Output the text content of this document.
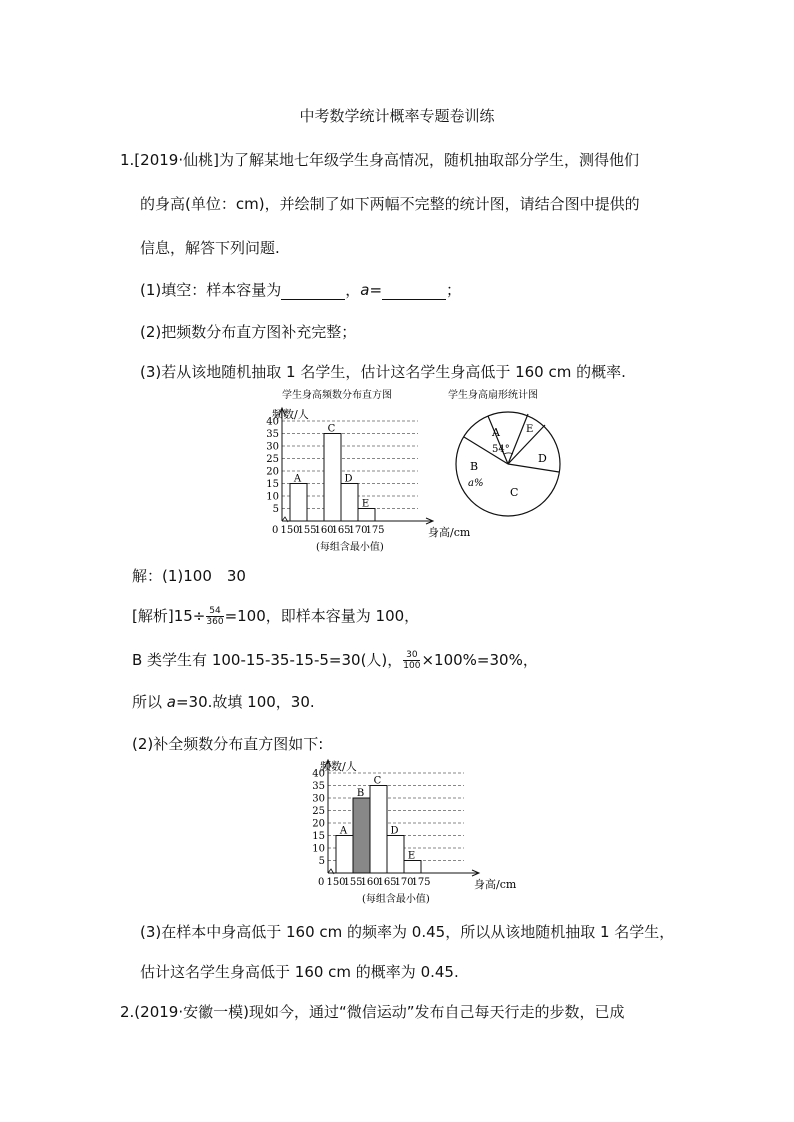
中考数学统计概率专题卷训练
1.[2019·仙桃]为了解某地七年级学生身高情况，随机抽取部分学生，测得他们
的身高(单位：cm)，并绘制了如下两幅不完整的统计图，请结合图中提供的
信息，解答下列问题.
(1)填空：样本容量为	，a=	；
(2)把频数分布直方图补充完整；
(3)若从该地随机抽取 1 名学生，估计这名学生身高低于 160 cm 的概率.
学生身高频数分布直方图
频数/人
5
10
15
20
25
30
35
40
0 150
155
160
165
170
175
A
C
D
E
身高/cm
(每组含最小值)
学生身高扇形统计图
A
54°
E
D
B
a%
C
解：(1)100　30
[解析]$15\div \frac{54}{360} =100$，即样本容量为 100，
B 类学生有 100-15-35-15-5=30(人)， $\frac{30}{100} \times 100\%=30\%$，
所以 a=30.故填 100，30.
(2)补全频数分布直方图如下:
频数/人
5
10
15
20
25
30
35
40
0 150
155
160
165
170
175
A
B
C
D
E
身高/cm
(每组含最小值)
(3)在样本中身高低于 160 cm 的频率为 0.45，所以从该地随机抽取 1 名学生，
估计这名学生身高低于 160 cm 的概率为 0.45.
2.(2019·安徽一模)现如今，通过“微信运动”发布自己每天行走的步数，已成
